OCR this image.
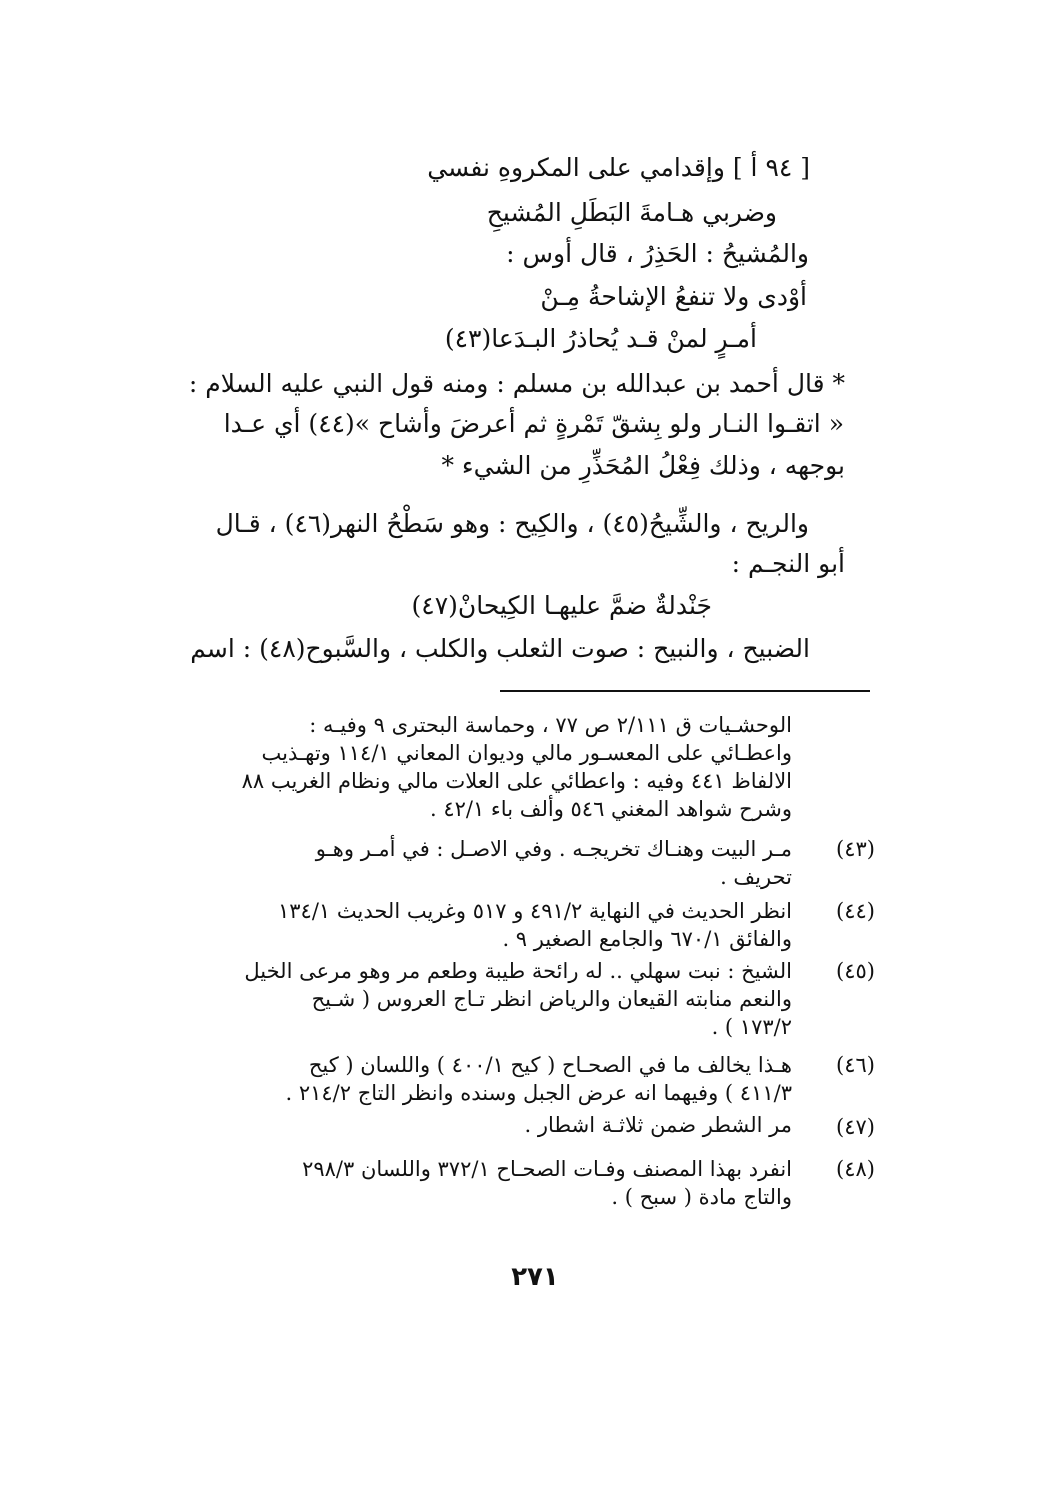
[ ٩٤ أ ] وإقدامي على المكروهِ نفسي
وضربي هـامةَ البَطَلِ المُشيحِ
والمُشيحُ : الحَذِرُ ، قال أوس :
أوْدى ولا تنفعُ الإشاحةُ مِـنْ
أمـرٍ لمنْ قـد يُحاذرُ البـدَعا(٤٣)
* قال أحمد بن عبدالله بن مسلم : ومنه قول النبي عليه السلام :
« اتقـوا النـار ولو بِشقّ تَمْرةٍ ثم أعرضَ وأشاح »(٤٤) أي عـدا
بوجهه ، وذلك فِعْلُ المُحَذِّرِ من الشيء *
والريح ، والشِّيحُ(٤٥) ، والكِيح : وهو سَطْحُ النهر(٤٦) ، قـال
أبو النجـم :
جَنْدلةٌ ضمَّ عليهـا الكِيحانْ(٤٧)
الضبيح ، والنبيح : صوت الثعلب والكلب ، والسَّبوح(٤٨) : اسم
الوحشـيات ق ٢/١١١ ص ٧٧ ، وحماسة البحترى ٩ وفيـه :
واعطـائي على المعسـور مالي وديوان المعاني ١١٤/١ وتهـذيب
الالفاظ ٤٤١ وفيه : واعطائي على العلات مالي ونظام الغريب ٨٨
وشرح شواهد المغني ٥٤٦ وألف باء ٤٢/١ .
(٤٣)
مـر البيت وهنـاك تخريجـه . وفي الاصـل : في أمـر وهـو
تحريف .
(٤٤)
انظر الحديث في النهاية ٤٩١/٢ و ٥١٧ وغريب الحديث ١٣٤/١
والفائق ٦٧٠/١ والجامع الصغير ٩ .
(٤٥)
الشيخ : نبت سهلي .. له رائحة طيبة وطعم مر وهو مرعى الخيل
والنعم منابته القيعان والرياض انظر تـاج العروس ( شـيح
١٧٣/٢ ) .
(٤٦)
هـذا يخالف ما في الصحـاح ( كيح ٤٠٠/١ ) واللسان ( كيح
٤١١/٣ ) وفيهما انه عرض الجبل وسنده وانظر التاج ٢١٤/٢ .
(٤٧)
مر الشطر ضمن ثلاثـة اشطار .
(٤٨)
انفرد بهذا المصنف وفـات الصحـاح ٣٧٢/١ واللسان ٢٩٨/٣
والتاج مادة ( سبح ) .
٢٧١
